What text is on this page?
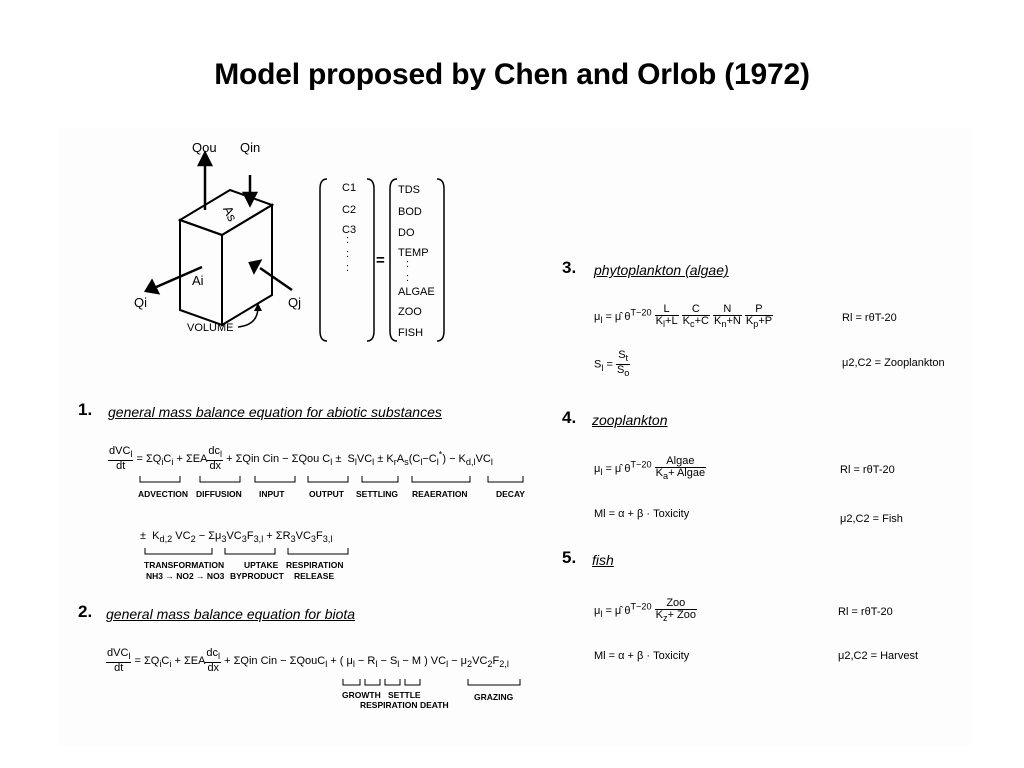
Model proposed by Chen and Orlob (1972)
Qou Qin
As
Ai
Qi	Qj
VOLUME
C1
C2
C3
:
:
: =
TDS
BOD
DO
TEMP
:
:
ALGAE
ZOO
FISH
1. general mass balance equation for abiotic substances
$\frac{dVC_l}{dt} = \Sigma Q_iC_i + \Sigma EA \frac{dc_l}{dx} + \Sigma Qin$ Cin − ΣQou $C_l \pm S_lVC_l \pm K_rA_s(C_l-C_l^*) - K_{d,l}VC_l$
ADVECTION DIFFUSION INPUT	OUTPUT SETTLING REAERATION	DECAY
±  $K_{d,2}$ $VC_2 - \Sigma\mu_3VC_3F_{3,l} + \Sigma R_3VC_3F_{3,l}$
TRANSFORMATION
NH3 → NO2 → NO3
UPTAKE
BYPRODUCT
RESPIRATION
RELEASE
2. general mass balance equation for biota
$\frac{dVC_l}{dt} = \Sigma Q_iC_i + \Sigma EA \frac{dc_l}{dx} + \Sigma Qin$ Cin − ΣQouC$_l$ + ( $\mu_l - R_l - S_l - M$ ) $VC_l - \mu_2VC_2F_{2,l}$
GROWTH SETTLE
RESPIRATION DEATH
GRAZING
3. phytoplankton (algae)
$\mu_l$ = μ̂ $\theta^{T-20} \frac{L}{K_l+L}$
$\frac{C}{K_c+C}$
$\frac{N}{K_n+N}$
$\frac{P}{K_p+P}$	Rl = rθT-20
$S_l = \frac{S_t}{S_o}$	μ2,C2 = Zooplankton
4. zooplankton
$\mu_l$ = μ̂ $\theta^{T-20} \frac{\text{Algae}}{K_a+ Algae}$	Rl = rθT-20
Ml = α + β · Toxicity	μ2,C2 = Fish
5. fish
$\mu_l$ = μ̂ $\theta^{T-20} \frac{\text{Zoo}}{K_z+ Zoo}$	Rl = rθT-20
Ml = α + β · Toxicity	μ2,C2 = Harvest
